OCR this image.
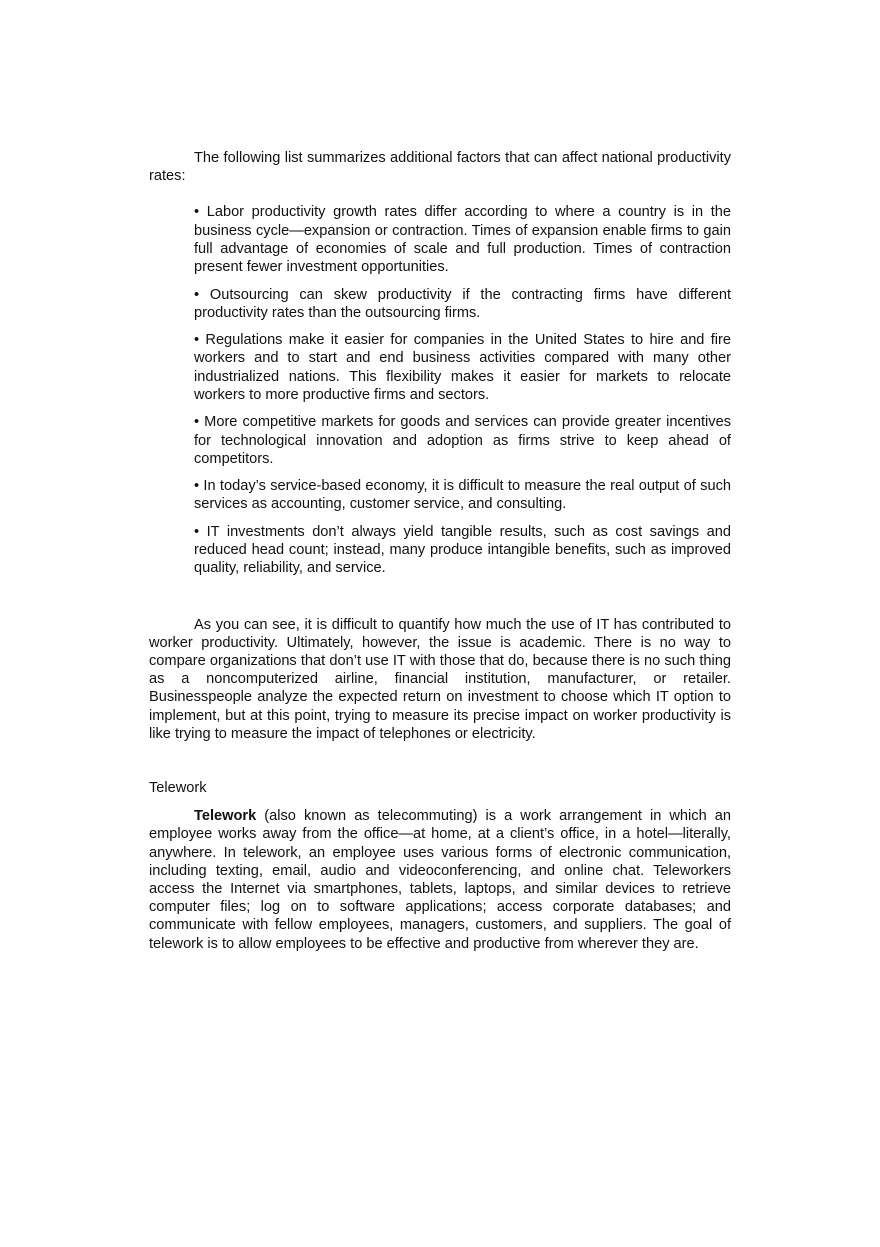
The following list summarizes additional factors that can affect national productivity rates:

• Labor productivity growth rates differ according to where a country is in the business cycle—expansion or contraction. Times of expansion enable firms to gain full advantage of economies of scale and full production. Times of contraction present fewer investment opportunities.
• Outsourcing can skew productivity if the contracting firms have different productivity rates than the outsourcing firms.
• Regulations make it easier for companies in the United States to hire and fire workers and to start and end business activities compared with many other industrialized nations. This flexibility makes it easier for markets to relocate workers to more productive firms and sectors.
• More competitive markets for goods and services can provide greater incentives for technological innovation and adoption as firms strive to keep ahead of competitors.
• In today’s service-based economy, it is difficult to measure the real output of such services as accounting, customer service, and consulting.
• IT investments don’t always yield tangible results, such as cost savings and reduced head count; instead, many produce intangible benefits, such as improved quality, reliability, and service.

As you can see, it is difficult to quantify how much the use of IT has contributed to worker productivity. Ultimately, however, the issue is academic. There is no way to compare organizations that don’t use IT with those that do, because there is no such thing as a noncomputerized airline, financial institution, manufacturer, or retailer. Businesspeople analyze the expected return on investment to choose which IT option to implement, but at this point, trying to measure its precise impact on worker productivity is like trying to measure the impact of telephones or electricity.

Telework

Telework (also known as telecommuting) is a work arrangement in which an employee works away from the office—at home, at a client’s office, in a hotel—literally, anywhere. In telework, an employee uses various forms of electronic communication, including texting, email, audio and videoconferencing, and online chat. Teleworkers access the Internet via smartphones, tablets, laptops, and similar devices to retrieve computer files; log on to software applications; access corporate databases; and communicate with fellow employees, managers, customers, and suppliers. The goal of telework is to allow employees to be effective and productive from wherever they are.
